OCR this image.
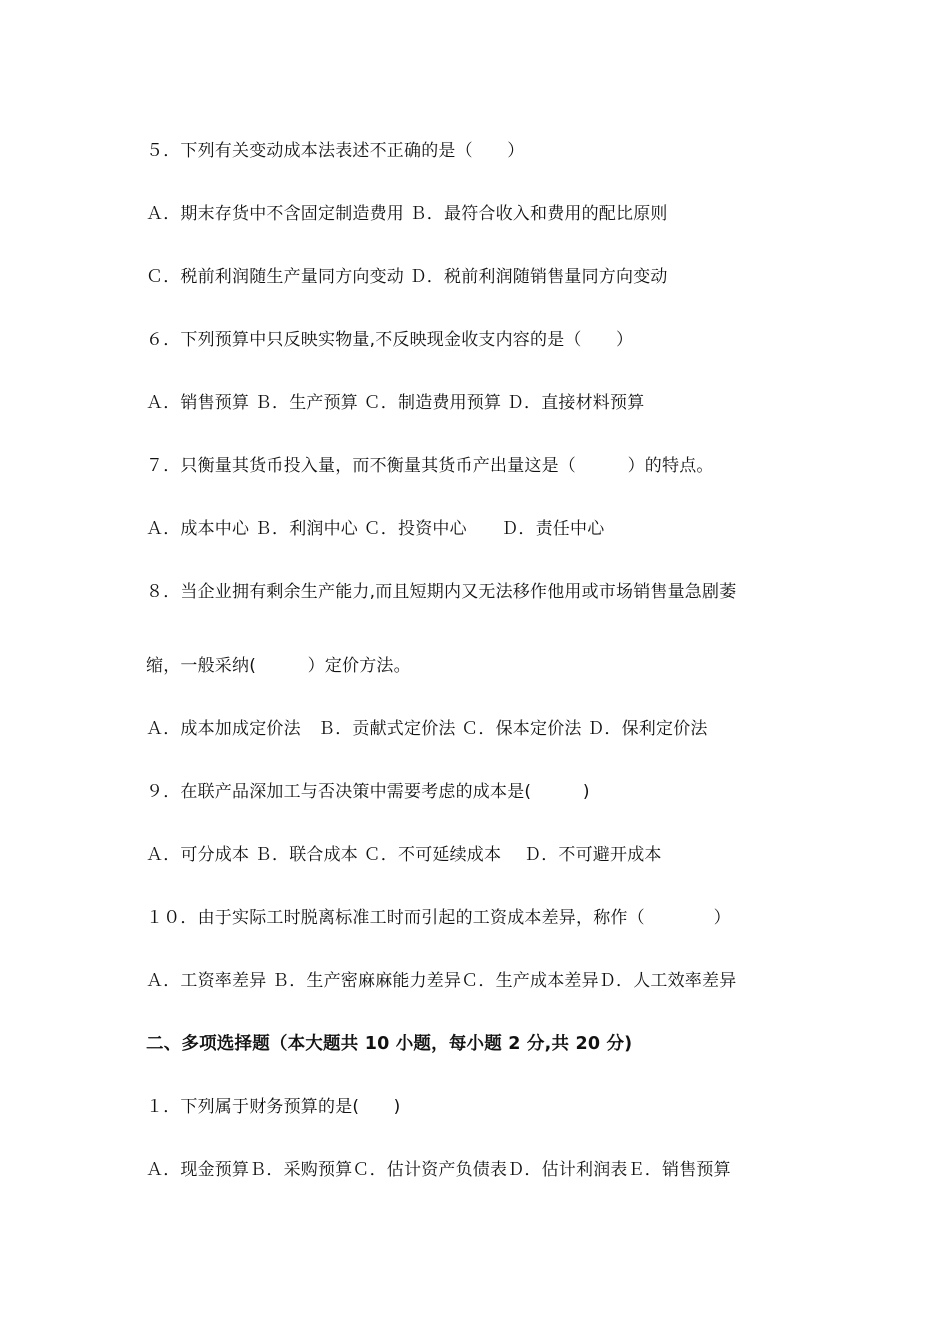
５．下列有关变动成本法表述不正确的是（　　）
Ａ．期末存货中不含固定制造费用 Ｂ．最符合收入和费用的配比原则
Ｃ．税前利润随生产量同方向变动 Ｄ．税前利润随销售量同方向变动
６．下列预算中只反映实物量,不反映现金收支内容的是（　　）
Ａ．销售预算 Ｂ．生产预算 Ｃ．制造费用预算 Ｄ．直接材料预算
７．只衡量其货币投入量，而不衡量其货币产出量这是（　　　）的特点。
Ａ．成本中心 Ｂ．利润中心 Ｃ．投资中心　　Ｄ．责任中心
８．当企业拥有剩余生产能力,而且短期内又无法移作他用或市场销售量急剧萎
缩，一般采纳(　　　）定价方法。
Ａ．成本加成定价法　Ｂ．贡献式定价法 Ｃ．保本定价法 Ｄ．保利定价法
９．在联产品深加工与否决策中需要考虑的成本是(　　　)
Ａ．可分成本 Ｂ．联合成本 Ｃ．不可延续成本　 Ｄ．不可避开成本
１０．由于实际工时脱离标准工时而引起的工资成本差异，称作（　　　　）
Ａ．工资率差异 Ｂ．生产密麻麻能力差异Ｃ．生产成本差异Ｄ．人工效率差异
二、多项选择题（本大题共 10 小题，每小题 2 分,共 20 分)
１．下列属于财务预算的是(　　)
Ａ．现金预算Ｂ．采购预算Ｃ．估计资产负债表Ｄ．估计利润表Ｅ．销售预算
